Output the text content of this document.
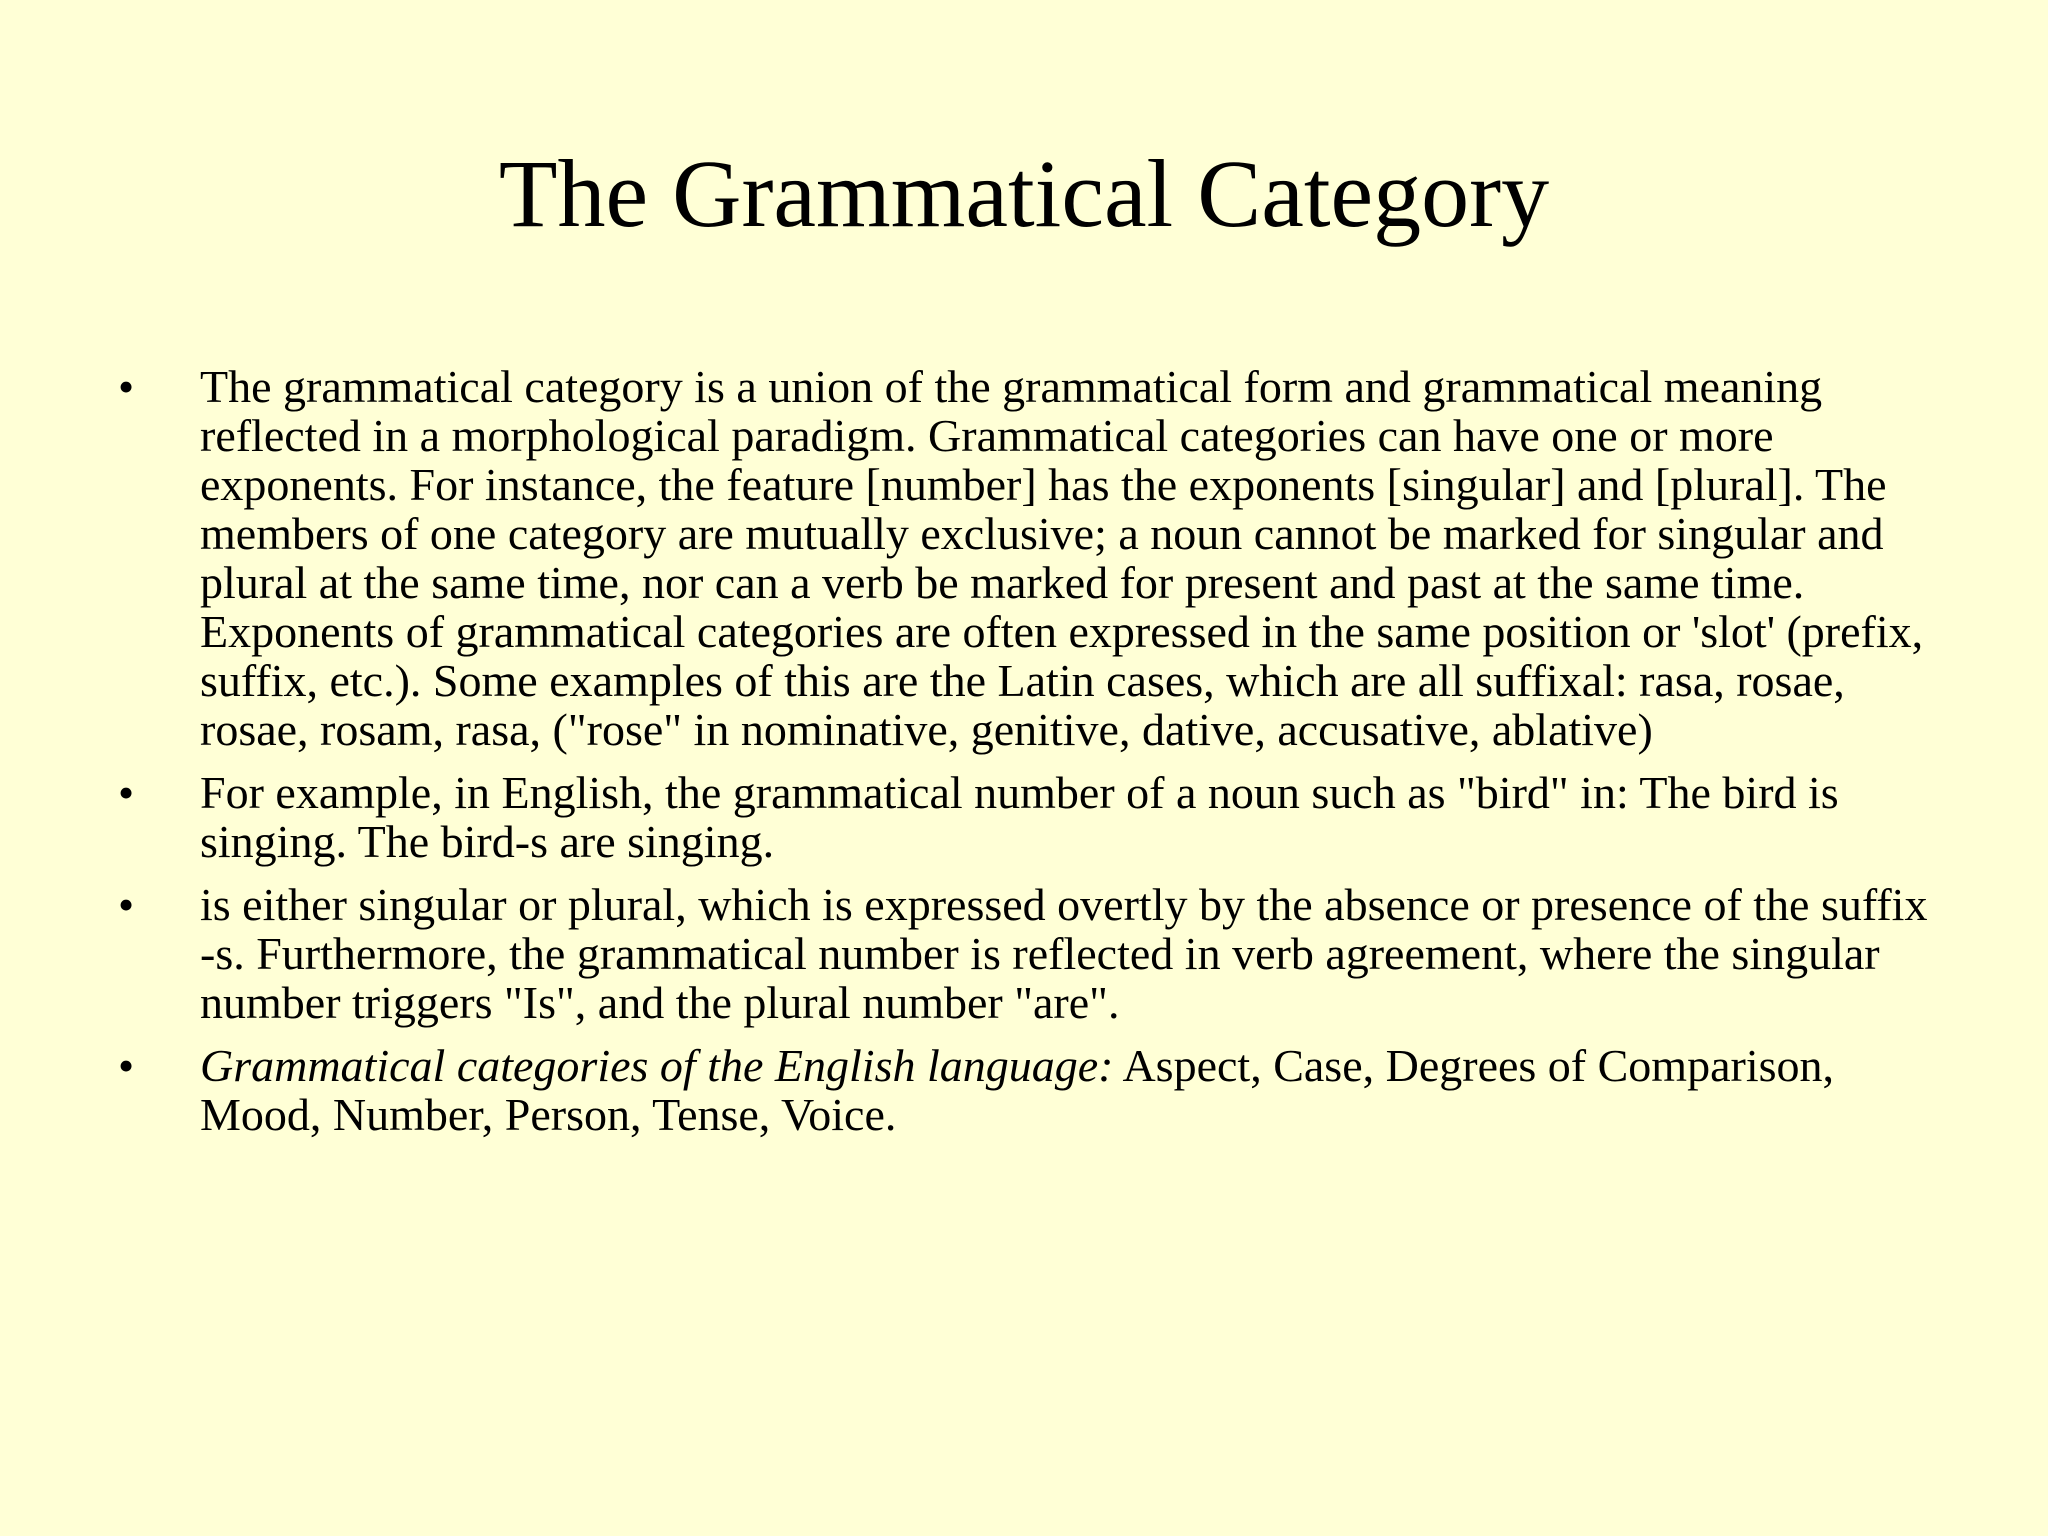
The Grammatical Category
•	The grammatical category is a union of the grammatical form and grammatical meaning reflected in a morphological paradigm. Grammatical categories can have one or more exponents. For instance, the feature [number] has the exponents [singular] and [plural]. The members of one category are mutually exclusive; a noun cannot be marked for singular and plural at the same time, nor can a verb be marked for present and past at the same time. Exponents of grammatical categories are often expressed in the same position or 'slot' (prefix, suffix, etc.). Some examples of this are the Latin cases, which are all suffixal: rasa, rosae, rosae, rosam, rasa, ("rose" in nominative, genitive, dative, accusative, ablative)
•	For example, in English, the grammatical number of a noun such as "bird" in: The bird is singing. The bird-s are singing.
•	is either singular or plural, which is expressed overtly by the absence or presence of the suffix -s. Furthermore, the grammatical number is reflected in verb agreement, where the singular number triggers "Is", and the plural number "are".
•	Grammatical categories of the English language: Aspect, Case, Degrees of Comparison, Mood, Number, Person, Tense, Voice.
